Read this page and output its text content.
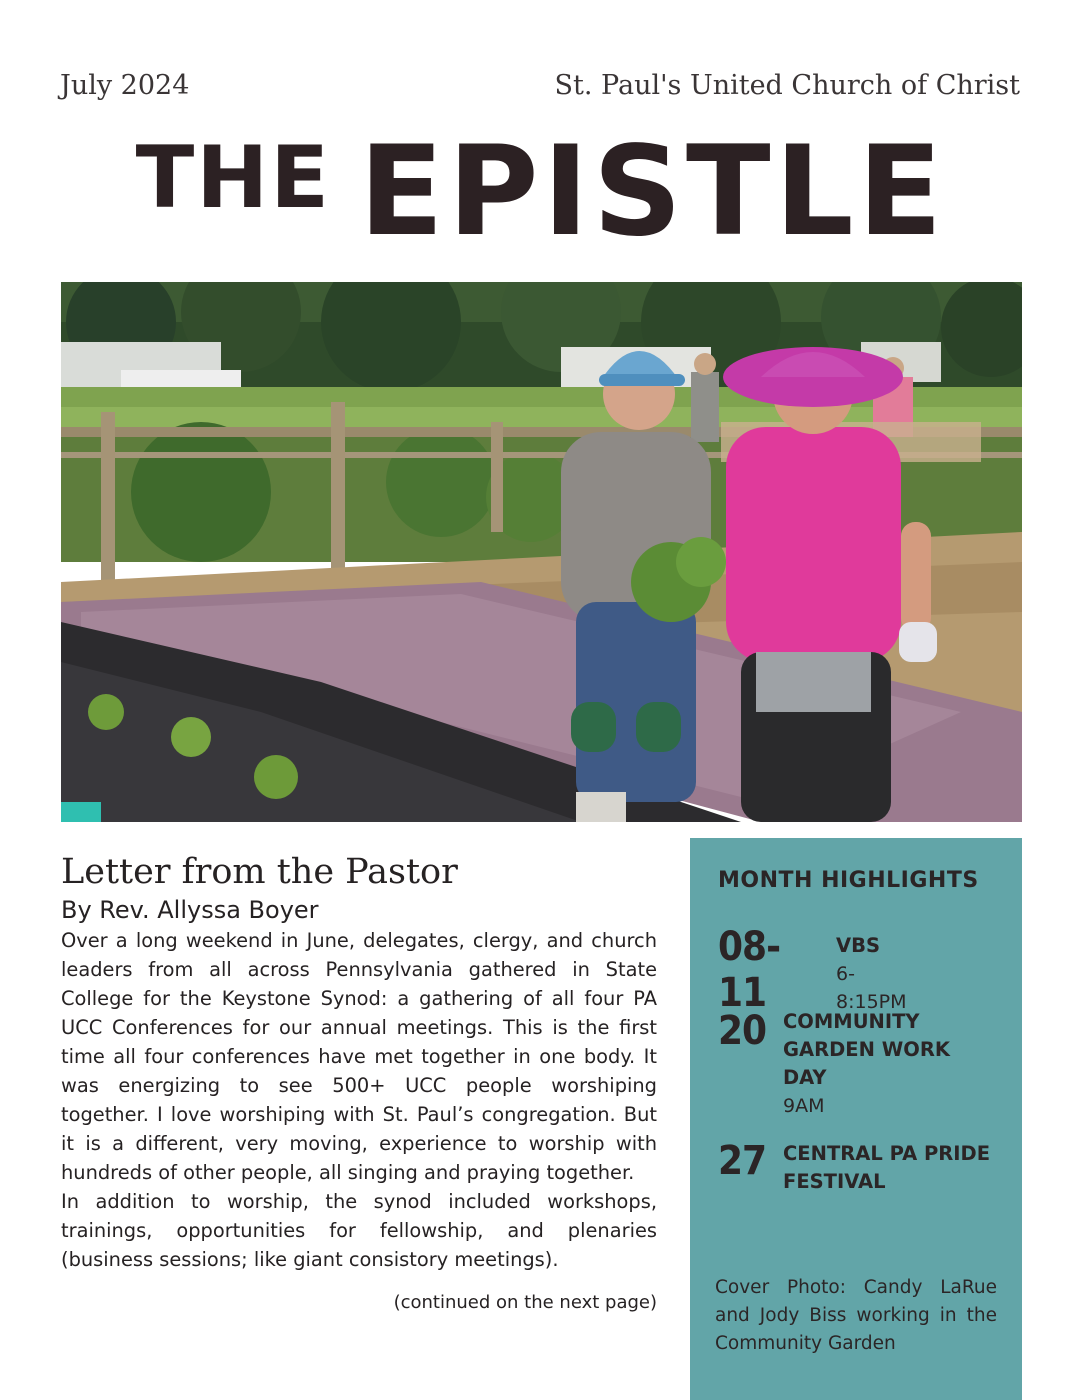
July 2024	St. Paul's United Church of Christ
THE EPISTLE
Letter from the Pastor
By Rev. Allyssa Boyer

Over a long weekend in June, delegates, clergy, and church leaders from all across Pennsylvania gathered in State College for the Keystone Synod: a gathering of all four PA UCC Conferences for our annual meetings. This is the first time all four conferences have met together in one body. It was energizing to see 500+ UCC people worshiping together. I love worshiping with St. Paul’s congregation. But it is a different, very moving, experience to worship with hundreds of other people, all singing and praying together.

In addition to worship, the synod included workshops, trainings, opportunities for fellowship, and plenaries (business sessions; like giant consistory meetings).

(continued on the next page)
MONTH HIGHLIGHTS
08-11
VBS
6-8:15PM
20 COMMUNITY GARDEN WORK DAY
9AM
27 CENTRAL PA PRIDE FESTIVAL
Cover Photo: Candy LaRue and Jody Biss working in the Community Garden
